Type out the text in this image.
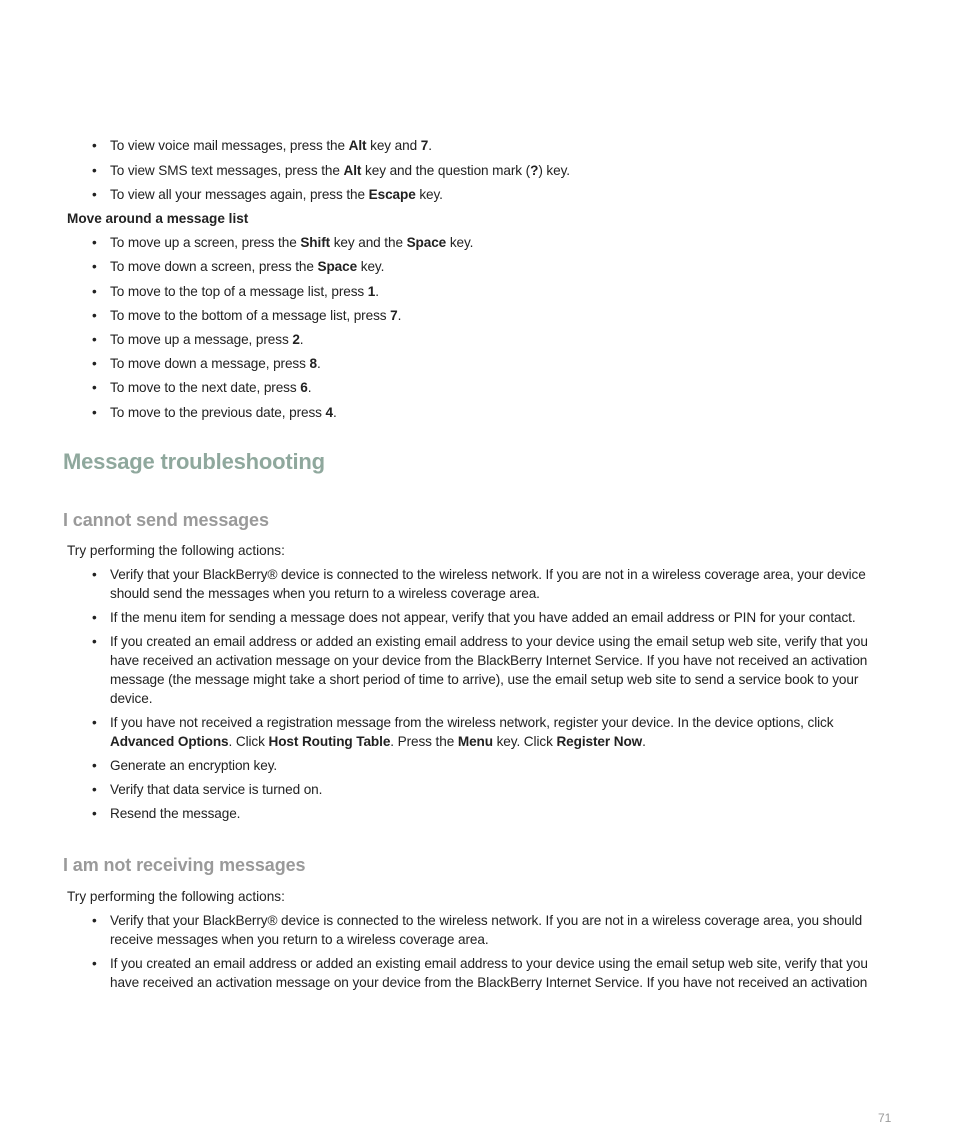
• To view voice mail messages, press the Alt key and 7.
• To view SMS text messages, press the Alt key and the question mark (?) key.
• To view all your messages again, press the Escape key.
Move around a message list
• To move up a screen, press the Shift key and the Space key.
• To move down a screen, press the Space key.
• To move to the top of a message list, press 1.
• To move to the bottom of a message list, press 7.
• To move up a message, press 2.
• To move down a message, press 8.
• To move to the next date, press 6.
• To move to the previous date, press 4.
Message troubleshooting
I cannot send messages
Try performing the following actions:
• Verify that your BlackBerry® device is connected to the wireless network. If you are not in a wireless coverage area, your device should send the messages when you return to a wireless coverage area.
• If the menu item for sending a message does not appear, verify that you have added an email address or PIN for your contact.
• If you created an email address or added an existing email address to your device using the email setup web site, verify that you have received an activation message on your device from the BlackBerry Internet Service. If you have not received an activation message (the message might take a short period of time to arrive), use the email setup web site to send a service book to your device.
• If you have not received a registration message from the wireless network, register your device. In the device options, click Advanced Options. Click Host Routing Table. Press the Menu key. Click Register Now.
• Generate an encryption key.
• Verify that data service is turned on.
• Resend the message.
I am not receiving messages
Try performing the following actions:
• Verify that your BlackBerry® device is connected to the wireless network. If you are not in a wireless coverage area, you should receive messages when you return to a wireless coverage area.
• If you created an email address or added an existing email address to your device using the email setup web site, verify that you have received an activation message on your device from the BlackBerry Internet Service. If you have not received an activation
71
